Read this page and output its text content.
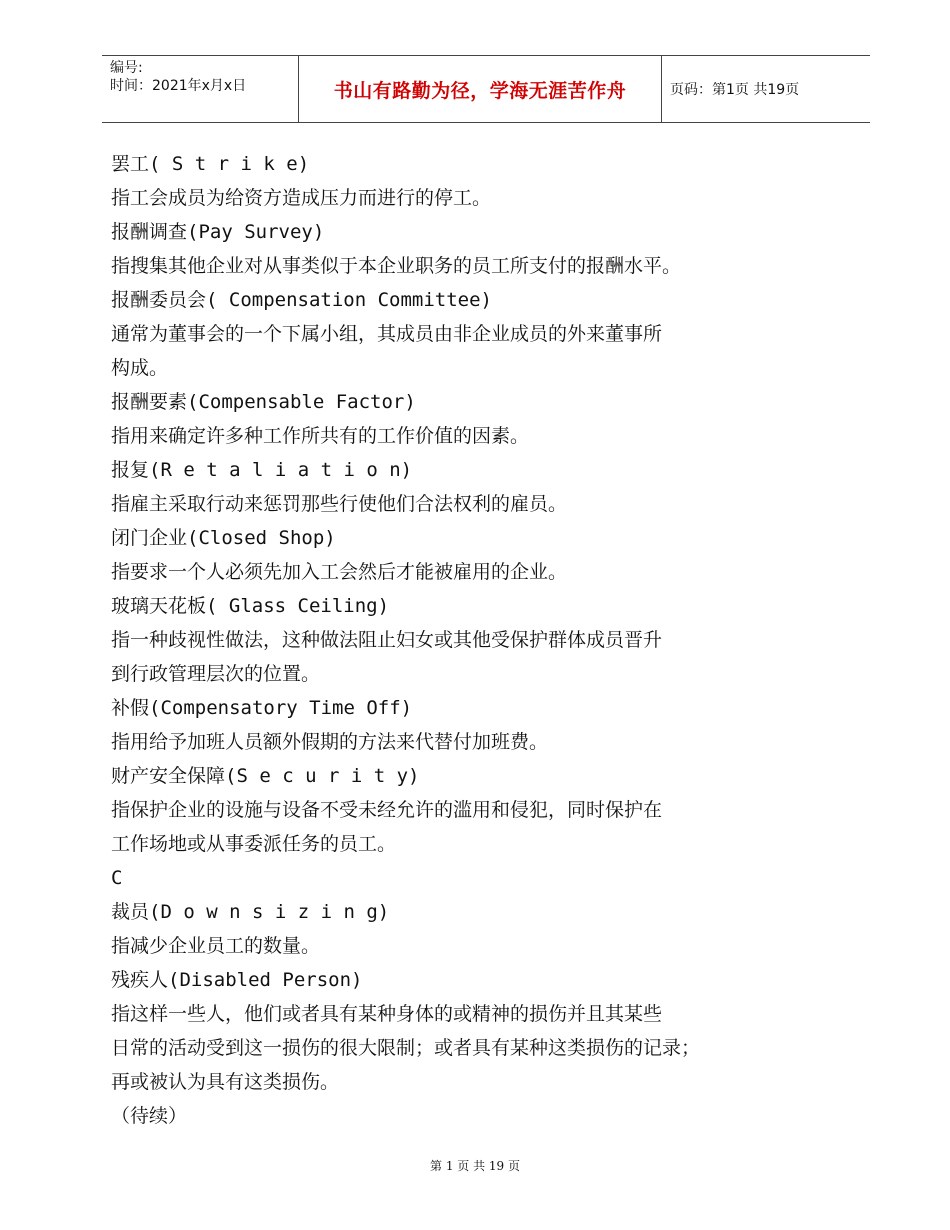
编号:
时间：2021年x月x日	书山有路勤为径，学海无涯苦作舟	页码：第1页 共19页
罢工( S t r i k e)
指工会成员为给资方造成压力而进行的停工。
报酬调查(Pay Survey)
指搜集其他企业对从事类似于本企业职务的员工所支付的报酬水平。
报酬委员会( Compensation Committee)
通常为董事会的一个下属小组，其成员由非企业成员的外来董事所
构成。
报酬要素(Compensable Factor)
指用来确定许多种工作所共有的工作价值的因素。
报复(R e t a l i a t i o n)
指雇主采取行动来惩罚那些行使他们合法权利的雇员。
闭门企业(Closed Shop)
指要求一个人必须先加入工会然后才能被雇用的企业。
玻璃天花板( Glass Ceiling)
指一种歧视性做法，这种做法阻止妇女或其他受保护群体成员晋升
到行政管理层次的位置。
补假(Compensatory Time Off)
指用给予加班人员额外假期的方法来代替付加班费。
财产安全保障(S e c u r i t y)
指保护企业的设施与设备不受未经允许的滥用和侵犯，同时保护在
工作场地或从事委派任务的员工。
C
裁员(D o w n s i z i n g)
指减少企业员工的数量。
残疾人(Disabled Person)
指这样一些人，他们或者具有某种身体的或精神的损伤并且其某些
日常的活动受到这一损伤的很大限制；或者具有某种这类损伤的记录；
再或被认为具有这类损伤。
（待续）
第 1 页 共 19 页
